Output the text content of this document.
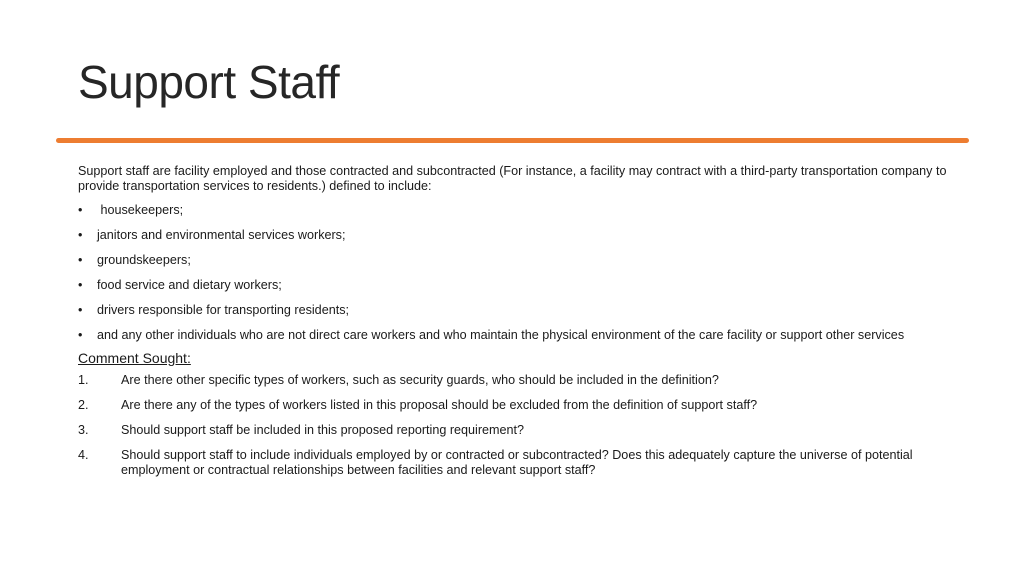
Support Staff

Support staff are facility employed and those contracted and subcontracted (For instance, a facility may contract with a third-party transportation company to provide transportation services to residents.) defined to include:

• housekeepers;
• janitors and environmental services workers;
• groundskeepers;
• food service and dietary workers;
• drivers responsible for transporting residents;
• and any other individuals who are not direct care workers and who maintain the physical environment of the care facility or support other services
Comment Sought:
1.	Are there other specific types of workers, such as security guards, who should be included in the definition?
2.	Are there any of the types of workers listed in this proposal should be excluded from the definition of support staff?
3.	Should support staff be included in this proposed reporting requirement?
4.	Should support staff to include individuals employed by or contracted or subcontracted? Does this adequately capture the universe of potential employment or contractual relationships between facilities and relevant support staff?
